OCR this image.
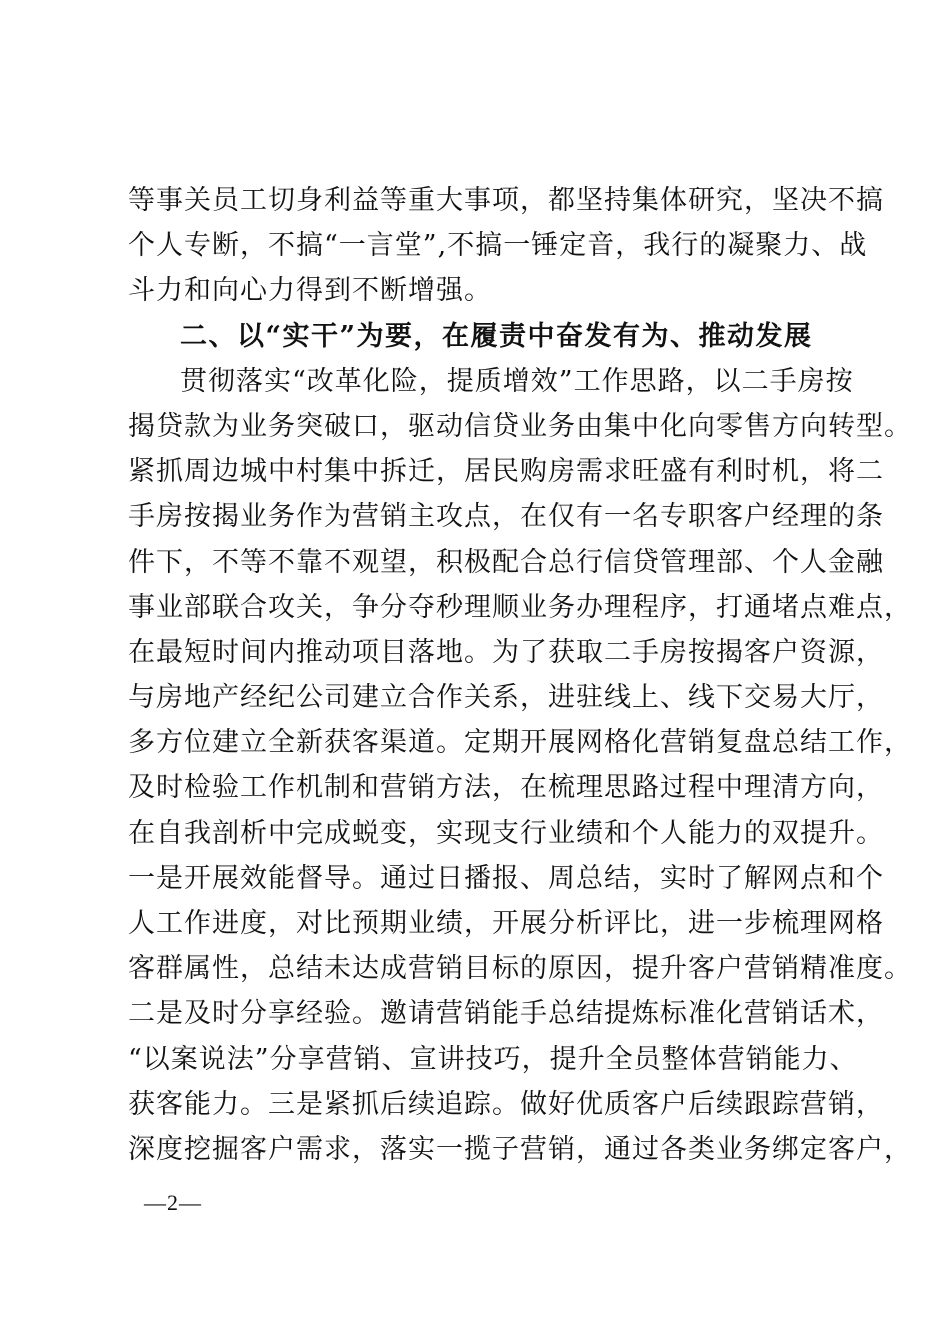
等事关员工切身利益等重大事项，都坚持集体研究，坚决不搞
个人专断，不搞“一言堂”,不搞一锤定音，我行的凝聚力、战
斗力和向心力得到不断增强。
二、以“实干”为要，在履责中奋发有为、推动发展
贯彻落实“改革化险，提质增效”工作思路，以二手房按
揭贷款为业务突破口，驱动信贷业务由集中化向零售方向转型。
紧抓周边城中村集中拆迁，居民购房需求旺盛有利时机，将二
手房按揭业务作为营销主攻点，在仅有一名专职客户经理的条
件下，不等不靠不观望，积极配合总行信贷管理部、个人金融
事业部联合攻关，争分夺秒理顺业务办理程序，打通堵点难点，
在最短时间内推动项目落地。为了获取二手房按揭客户资源，
与房地产经纪公司建立合作关系，进驻线上、线下交易大厅，
多方位建立全新获客渠道。定期开展网格化营销复盘总结工作，
及时检验工作机制和营销方法，在梳理思路过程中理清方向，
在自我剖析中完成蜕变，实现支行业绩和个人能力的双提升。
一是开展效能督导。通过日播报、周总结，实时了解网点和个
人工作进度，对比预期业绩，开展分析评比，进一步梳理网格
客群属性，总结未达成营销目标的原因，提升客户营销精准度。
二是及时分享经验。邀请营销能手总结提炼标准化营销话术，
“以案说法”分享营销、宣讲技巧，提升全员整体营销能力、
获客能力。三是紧抓后续追踪。做好优质客户后续跟踪营销，
深度挖掘客户需求，落实一揽子营销，通过各类业务绑定客户，
—2—
